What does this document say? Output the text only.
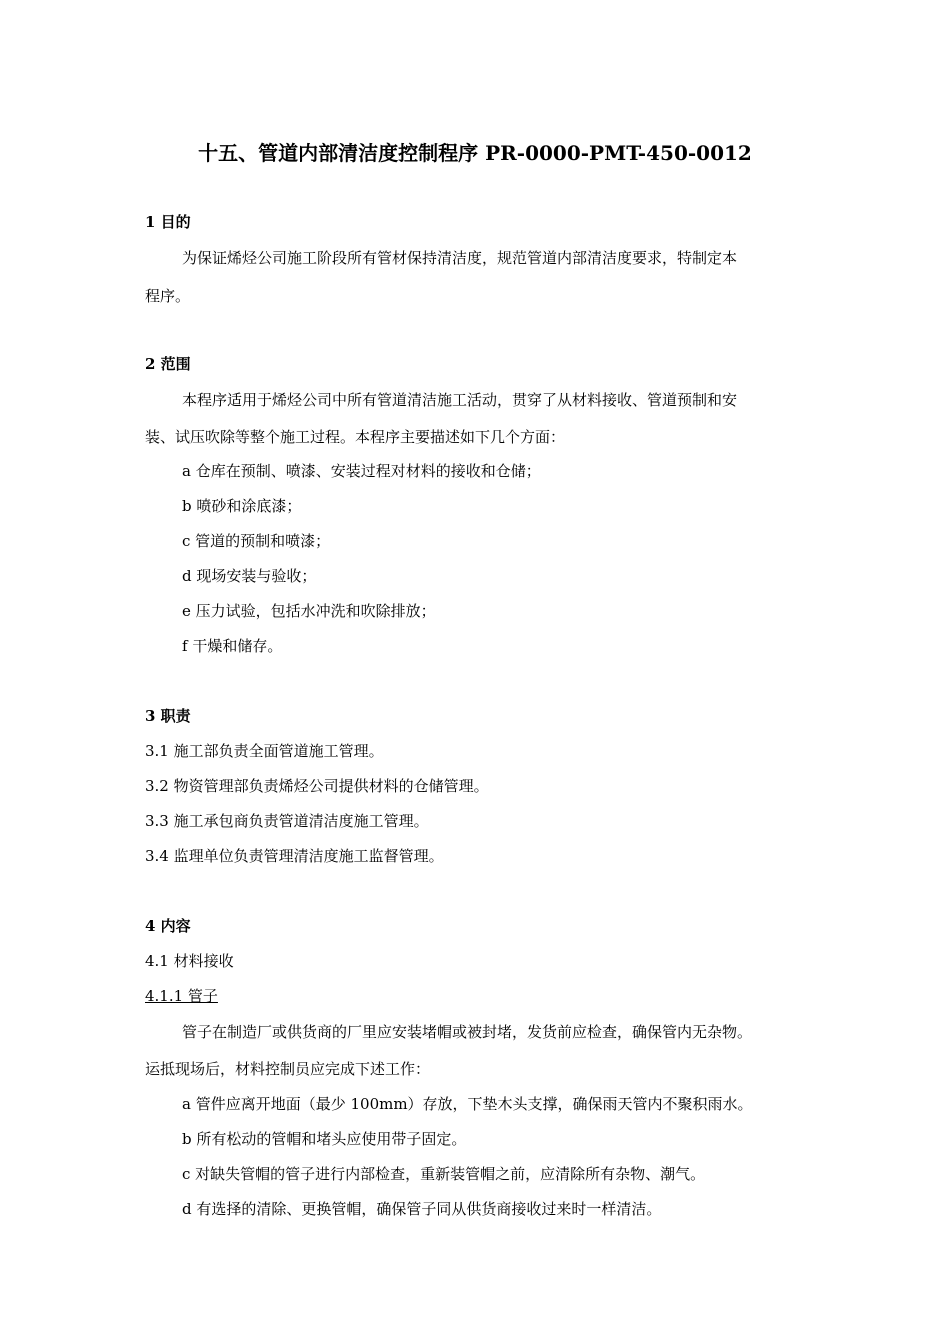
十五、管道内部清洁度控制程序 PR-0000-PMT-450-0012
1 目的
为保证烯烃公司施工阶段所有管材保持清洁度，规范管道内部清洁度要求，特制定本
程序。
2 范围
本程序适用于烯烃公司中所有管道清洁施工活动，贯穿了从材料接收、管道预制和安
装、试压吹除等整个施工过程。本程序主要描述如下几个方面：
a 仓库在预制、喷漆、安装过程对材料的接收和仓储；
b 喷砂和涂底漆；
c 管道的预制和喷漆；
d 现场安装与验收；
e 压力试验，包括水冲洗和吹除排放；
f 干燥和储存。
3 职责
3.1 施工部负责全面管道施工管理。
3.2 物资管理部负责烯烃公司提供材料的仓储管理。
3.3 施工承包商负责管道清洁度施工管理。
3.4 监理单位负责管理清洁度施工监督管理。
4 内容
4.1 材料接收
4.1.1 管子
管子在制造厂或供货商的厂里应安装堵帽或被封堵，发货前应检查，确保管内无杂物。
运抵现场后，材料控制员应完成下述工作：
a 管件应离开地面（最少 100mm）存放，下垫木头支撑，确保雨天管内不聚积雨水。
b 所有松动的管帽和堵头应使用带子固定。
c 对缺失管帽的管子进行内部检查，重新装管帽之前，应清除所有杂物、潮气。
d 有选择的清除、更换管帽，确保管子同从供货商接收过来时一样清洁。
